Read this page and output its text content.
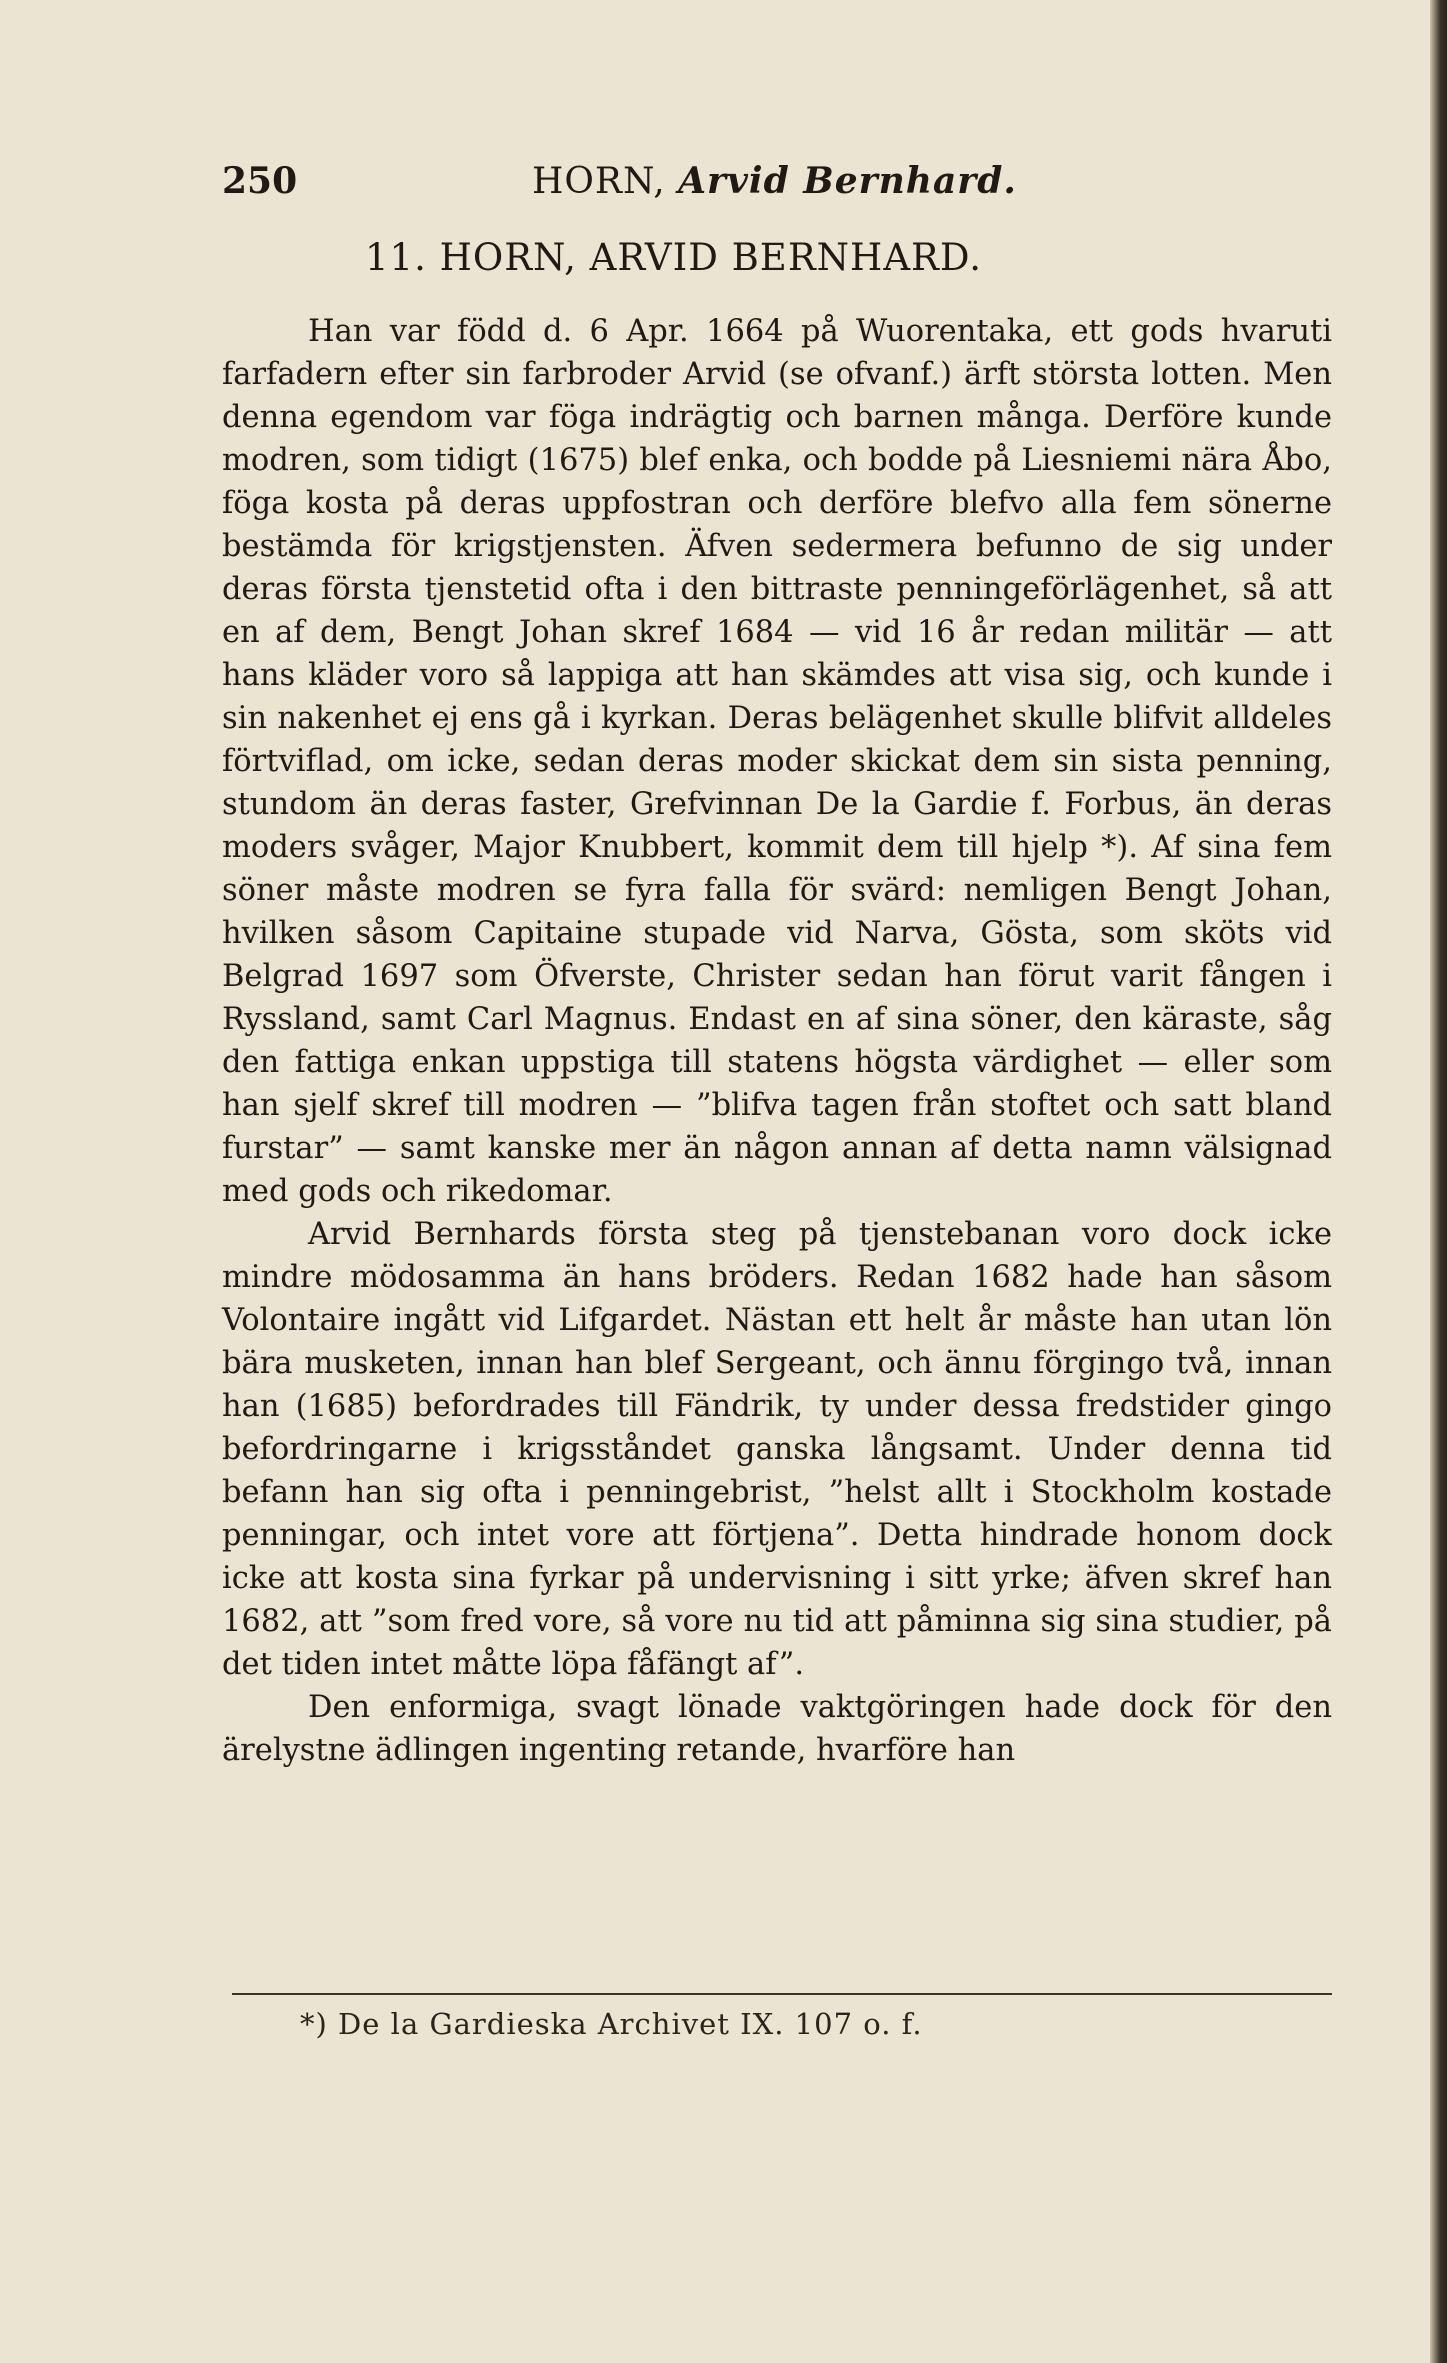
250	HORN, Arvid Bernhard.
11. HORN, ARVID BERNHARD.

Han var född d. 6 Apr. 1664 på Wuorentaka, ett gods hvaruti farfadern efter sin farbroder Arvid (se ofvanf.) ärft största lotten. Men denna egendom var föga indrägtig och barnen många. Derföre kunde modren, som tidigt (1675) blef enka, och bodde på Liesniemi nära Åbo, föga kosta på deras uppfostran och derföre blefvo alla fem sönerne bestämda för krigstjensten. Äfven sedermera befunno de sig under deras första tjenstetid ofta i den bittraste penningeförlägenhet, så att en af dem, Bengt Johan skref 1684 — vid 16 år redan militär — att hans kläder voro så lappiga att han skämdes att visa sig, och kunde i sin nakenhet ej ens gå i kyrkan. Deras belägenhet skulle blifvit alldeles förtviflad, om icke, sedan deras moder skickat dem sin sista penning, stundom än deras faster, Grefvinnan De la Gardie f. Forbus, än deras moders svåger, Major Knubbert, kommit dem till hjelp *). Af sina fem söner måste modren se fyra falla för svärd: nemligen Bengt Johan, hvilken såsom Capitaine stupade vid Narva, Gösta, som sköts vid Belgrad 1697 som Öfverste, Christer sedan han förut varit fången i Ryssland, samt Carl Magnus. Endast en af sina söner, den käraste, såg den fattiga enkan uppstiga till statens högsta värdighet — eller som han sjelf skref till modren — ”blifva tagen från stoftet och satt bland furstar” — samt kanske mer än någon annan af detta namn välsignad med gods och rikedomar.

Arvid Bernhards första steg på tjenstebanan voro dock icke mindre mödosamma än hans bröders. Redan 1682 hade han såsom Volontaire ingått vid Lifgardet. Nästan ett helt år måste han utan lön bära musketen, innan han blef Sergeant, och ännu förgingo två, innan han (1685) befordrades till Fändrik, ty under dessa fredstider gingo befordringarne i krigsståndet ganska långsamt. Under denna tid befann han sig ofta i penningebrist, ”helst allt i Stockholm kostade penningar, och intet vore att förtjena”. Detta hindrade honom dock icke att kosta sina fyrkar på undervisning i sitt yrke; äfven skref han 1682, att ”som fred vore, så vore nu tid att påminna sig sina studier, på det tiden intet måtte löpa fåfängt af”.

Den enformiga, svagt lönade vaktgöringen hade dock för den ärelystne ädlingen ingenting retande, hvarföre han

*) De la Gardieska Archivet IX. 107 o. f.
